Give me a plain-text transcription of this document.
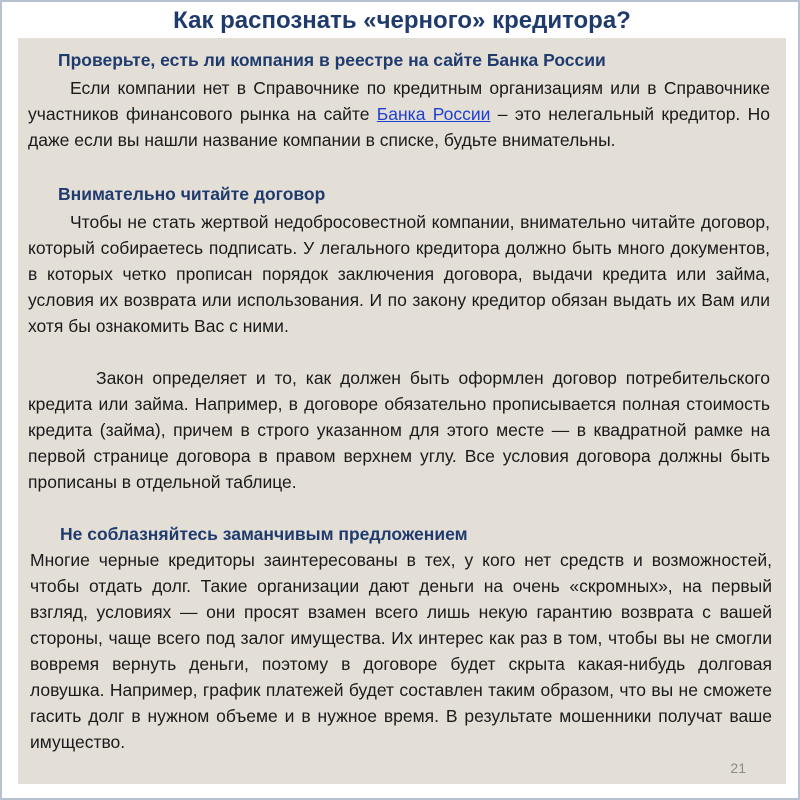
Как распознать «черного» кредитора?
Проверьте, есть ли компания в реестре на сайте Банка России

Если компании нет в Справочнике по кредитным организациям или в Справочнике участников финансового рынка на сайте Банка России – это нелегальный кредитор. Но даже если вы нашли название компании в списке, будьте внимательны.

Внимательно читайте договор

Чтобы не стать жертвой недобросовестной компании, внимательно читайте договор, который собираетесь подписать. У легального кредитора должно быть много документов, в которых четко прописан порядок заключения договора, выдачи кредита или займа, условия их возврата или использования. И по закону кредитор обязан выдать их Вам или хотя бы ознакомить Вас с ними.

Закон определяет и то, как должен быть оформлен договор потребительского кредита или займа. Например, в договоре обязательно прописывается полная стоимость кредита (займа), причем в строго указанном для этого месте — в квадратной рамке на первой странице договора в правом верхнем углу. Все условия договора должны быть прописаны в отдельной таблице.

Не соблазняйтесь заманчивым предложением

Многие черные кредиторы заинтересованы в тех, у кого нет средств и возможностей, чтобы отдать долг. Такие организации дают деньги на очень «скромных», на первый взгляд, условиях — они просят взамен всего лишь некую гарантию возврата с вашей стороны, чаще всего под залог имущества. Их интерес как раз в том, чтобы вы не смогли вовремя вернуть деньги, поэтому в договоре будет скрыта какая-нибудь долговая ловушка. Например, график платежей будет составлен таким образом, что вы не сможете гасить долг в нужном объеме и в нужное время. В результате мошенники получат ваше имущество.

21
